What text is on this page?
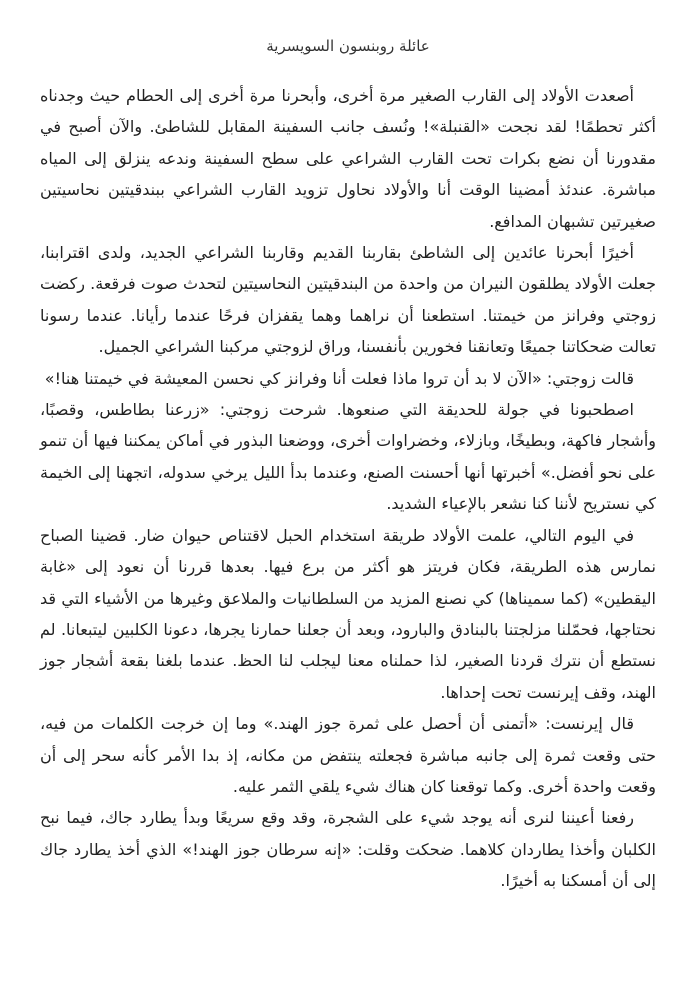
عائلة روبنسون السويسرية

أصعدت الأولاد إلى القارب الصغير مرة أخرى، وأبحرنا مرة أخرى إلى الحطام حيث وجدناه أكثر تحطمًا! لقد نجحت «القنبلة»! ونُسف جانب السفينة المقابل للشاطئ. والآن أصبح في مقدورنا أن نضع بكرات تحت القارب الشراعي على سطح السفينة وندعه ينزلق إلى المياه مباشرة. عندئذ أمضينا الوقت أنا والأولاد نحاول تزويد القارب الشراعي ببندقيتين نحاسيتين صغيرتين تشبهان المدافع.

أخيرًا أبحرنا عائدين إلى الشاطئ بقاربنا القديم وقاربنا الشراعي الجديد، ولدى اقترابنا، جعلت الأولاد يطلقون النيران من واحدة من البندقيتين النحاسيتين لتحدث صوت فرقعة. ركضت زوجتي وفرانز من خيمتنا. استطعنا أن نراهما وهما يقفزان فرحًا عندما رأيانا. عندما رسونا تعالت ضحكاتنا جميعًا وتعانقنا فخورين بأنفسنا، وراق لزوجتي مركبنا الشراعي الجميل.

قالت زوجتي: «الآن لا بد أن تروا ماذا فعلت أنا وفرانز كي نحسن المعيشة في خيمتنا هنا!»

اصطحبونا في جولة للحديقة التي صنعوها. شرحت زوجتي: «زرعنا بطاطس، وقصبًا، وأشجار فاكهة، وبطيخًا، وبازلاء، وخضراوات أخرى، ووضعنا البذور في أماكن يمكننا فيها أن تنمو على نحو أفضل.» أخبرتها أنها أحسنت الصنع، وعندما بدأ الليل يرخي سدوله، اتجهنا إلى الخيمة كي نستريح لأننا كنا نشعر بالإعياء الشديد.

في اليوم التالي، علمت الأولاد طريقة استخدام الحبل لاقتناص حيوان ضار. قضينا الصباح نمارس هذه الطريقة، فكان فريتز هو أكثر من برع فيها. بعدها قررنا أن نعود إلى «غابة اليقطين» (كما سميناها) كي نصنع المزيد من السلطانيات والملاعق وغيرها من الأشياء التي قد نحتاجها، فحمّلنا مزلجتنا بالبنادق والبارود، وبعد أن جعلنا حمارنا يجرها، دعونا الكلبين ليتبعانا. لم نستطع أن نترك قردنا الصغير، لذا حملناه معنا ليجلب لنا الحظ. عندما بلغنا بقعة أشجار جوز الهند، وقف إيرنست تحت إحداها.

قال إيرنست: «أتمنى أن أحصل على ثمرة جوز الهند.» وما إن خرجت الكلمات من فيه، حتى وقعت ثمرة إلى جانبه مباشرة فجعلته ينتفض من مكانه، إذ بدا الأمر كأنه سحر إلى أن وقعت واحدة أخرى. وكما توقعنا كان هناك شيء يلقي الثمر عليه.

رفعنا أعيننا لنرى أنه يوجد شيء على الشجرة، وقد وقع سريعًا وبدأ يطارد جاك، فيما نبح الكلبان وأخذا يطاردان كلاهما. ضحكت وقلت: «إنه سرطان جوز الهند!» الذي أخذ يطارد جاك إلى أن أمسكنا به أخيرًا.
